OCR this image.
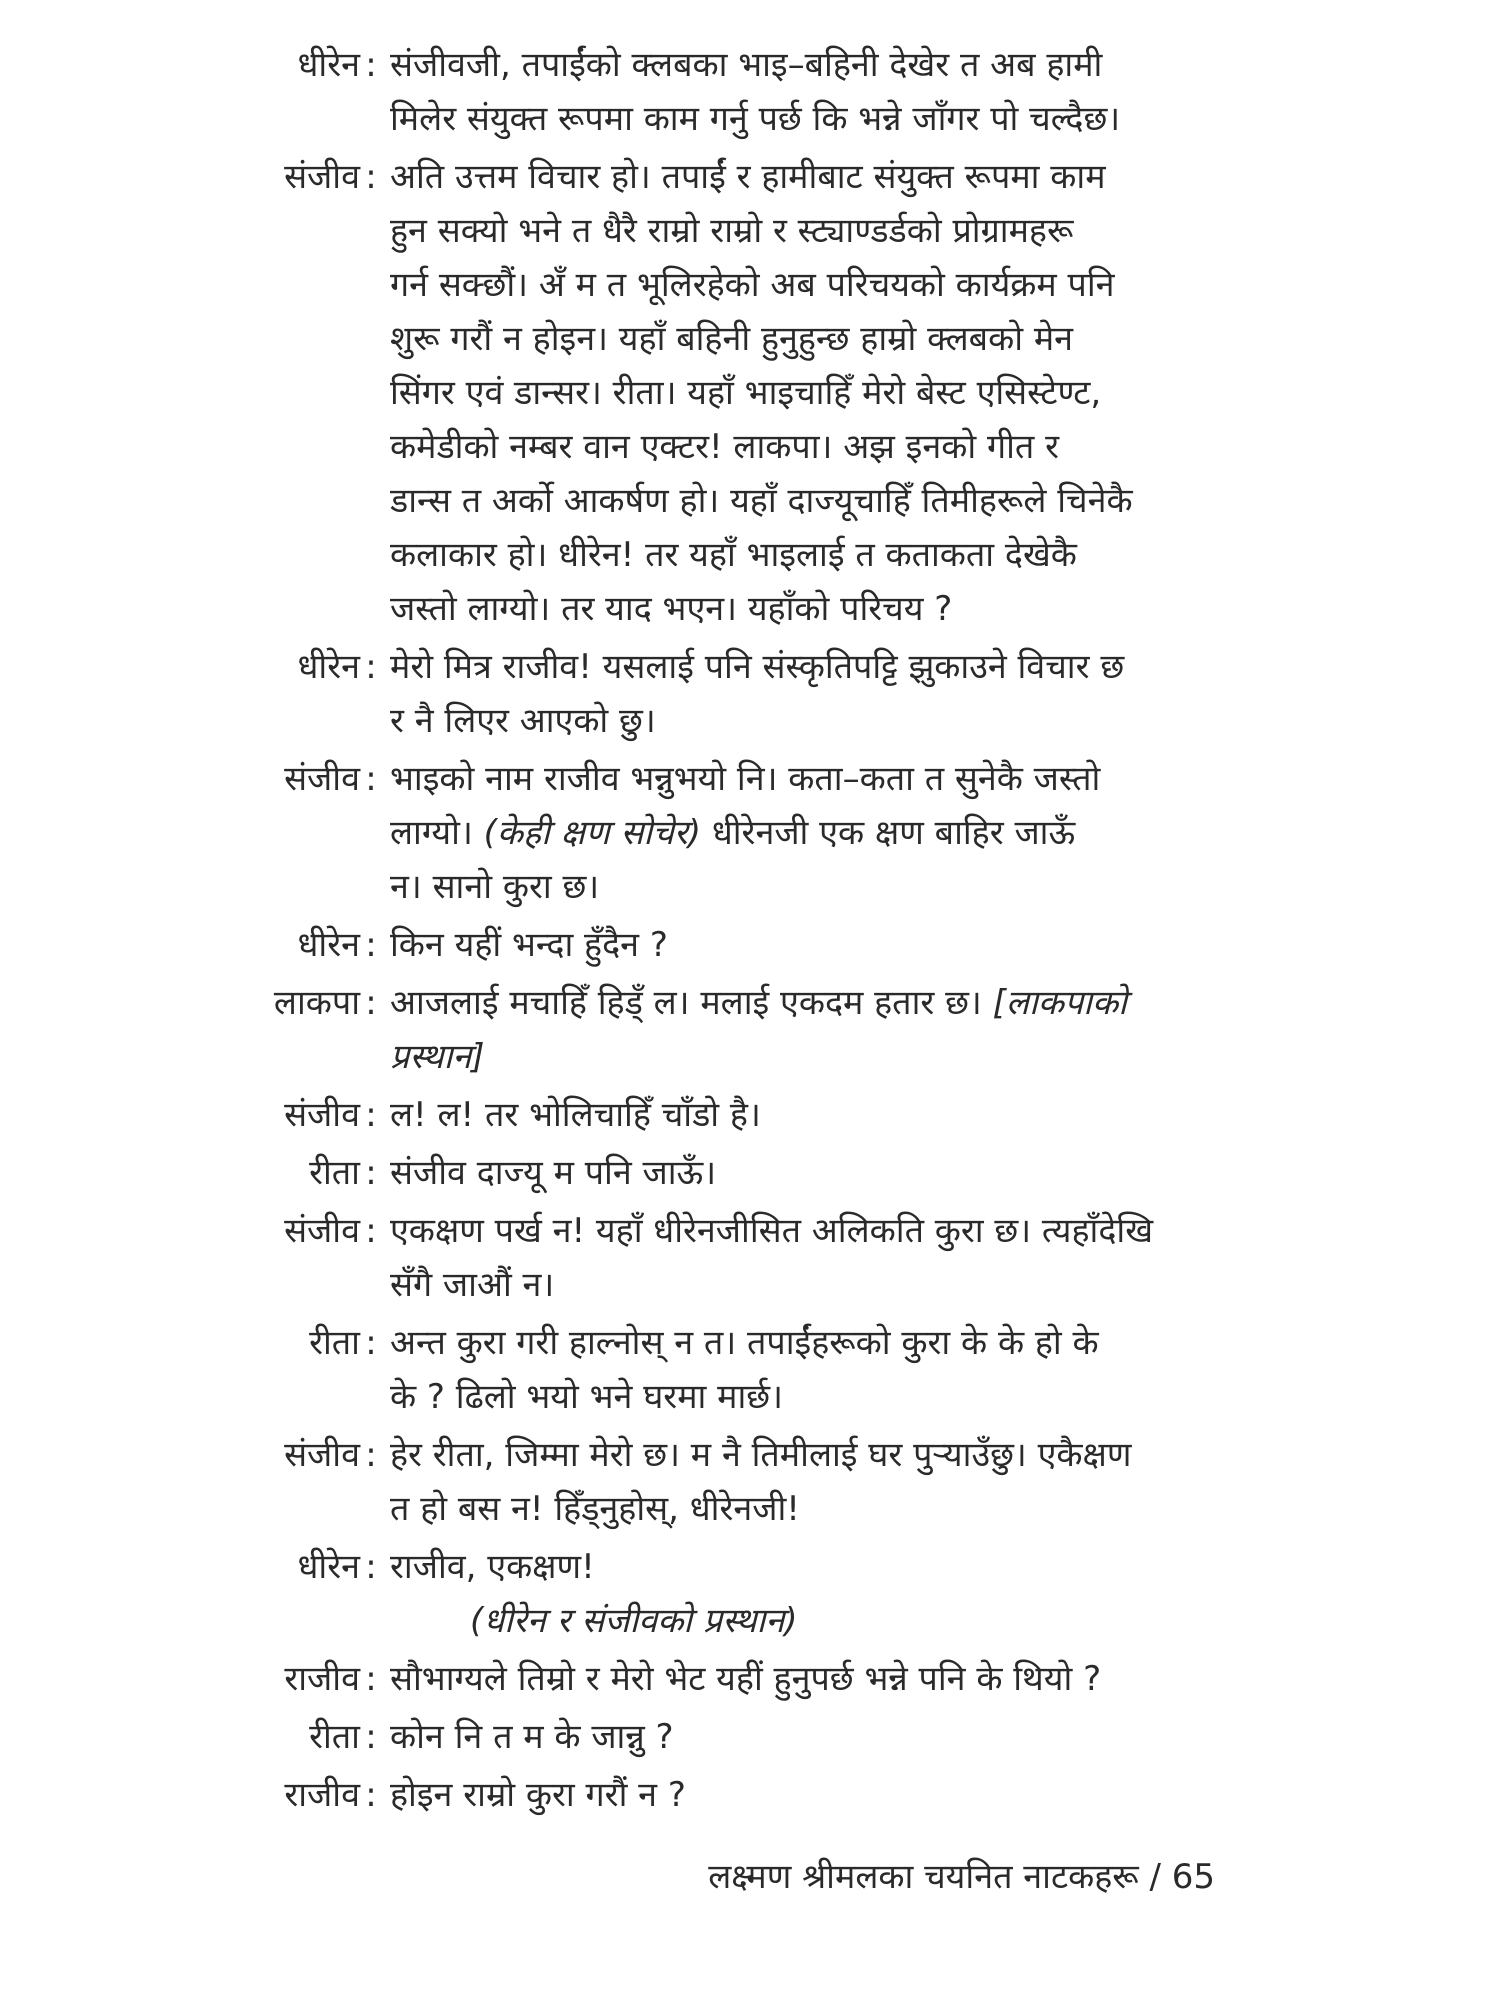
धीरेन : संजीवजी, तपाईंको क्लबका भाइ–बहिनी देखेर त अब हामी
मिलेर संयुक्त रूपमा काम गर्नु पर्छ कि भन्ने जाँगर पो चल्दैछ।
संजीव : अति उत्तम विचार हो। तपाईं र हामीबाट संयुक्त रूपमा काम
हुन सक्यो भने त धैरै राम्रो राम्रो र स्ट्याण्डर्डको प्रोग्रामहरू
गर्न सक्छौं। अँ म त भूलिरहेको अब परिचयको कार्यक्रम पनि
शुरू गरौं न होइन। यहाँ बहिनी हुनुहुन्छ हाम्रो क्लबको मेन
सिंगर एवं डान्सर। रीता। यहाँ भाइचाहिँ मेरो बेस्ट एसिस्टेण्ट,
कमेडीको नम्बर वान एक्टर! लाकपा। अझ इनको गीत र
डान्स त अर्को आकर्षण हो। यहाँ दाज्यूचाहिँ तिमीहरूले चिनेकै
कलाकार हो। धीरेन! तर यहाँ भाइलाई त कताकता देखेकै
जस्तो लाग्यो। तर याद भएन। यहाँको परिचय ?
धीरेन : मेरो मित्र राजीव! यसलाई पनि संस्कृतिपट्टि झुकाउने विचार छ
र नै लिएर आएको छु।
संजीव : भाइको नाम राजीव भन्नुभयो नि। कता–कता त सुनेकै जस्तो
लाग्यो। (केही क्षण सोचेर) धीरेनजी एक क्षण बाहिर जाऊँ
न। सानो कुरा छ।
धीरेन : किन यहीं भन्दा हुँदैन ?
लाकपा : आजलाई मचाहिँ हिड्ँ ल। मलाई एकदम हतार छ। [लाकपाको
प्रस्थान]
संजीव : ल! ल! तर भोलिचाहिँ चाँडो है।
रीता : संजीव दाज्यू म पनि जाऊँ।
संजीव : एकक्षण पर्ख न! यहाँ धीरेनजीसित अलिकति कुरा छ। त्यहाँदेखि
सँगै जाऔं न।
रीता : अन्त कुरा गरी हाल्नोस् न त। तपाईंहरूको कुरा के के हो के
के ? ढिलो भयो भने घरमा मार्छ।
संजीव : हेर रीता, जिम्मा मेरो छ। म नै तिमीलाई घर पुर्‍याउँछु। एकैक्षण
त हो बस न! हिँड्नुहोस्, धीरेनजी!
धीरेन : राजीव, एकक्षण!
(धीरेन र संजीवको प्रस्थान)
राजीव : सौभाग्यले तिम्रो र मेरो भेट यहीं हुनुपर्छ भन्ने पनि के थियो ?
रीता : कोन नि त म के जान्नु ?
राजीव : होइन राम्रो कुरा गरौं न ?
लक्ष्मण श्रीमलका चयनित नाटकहरू / 65
